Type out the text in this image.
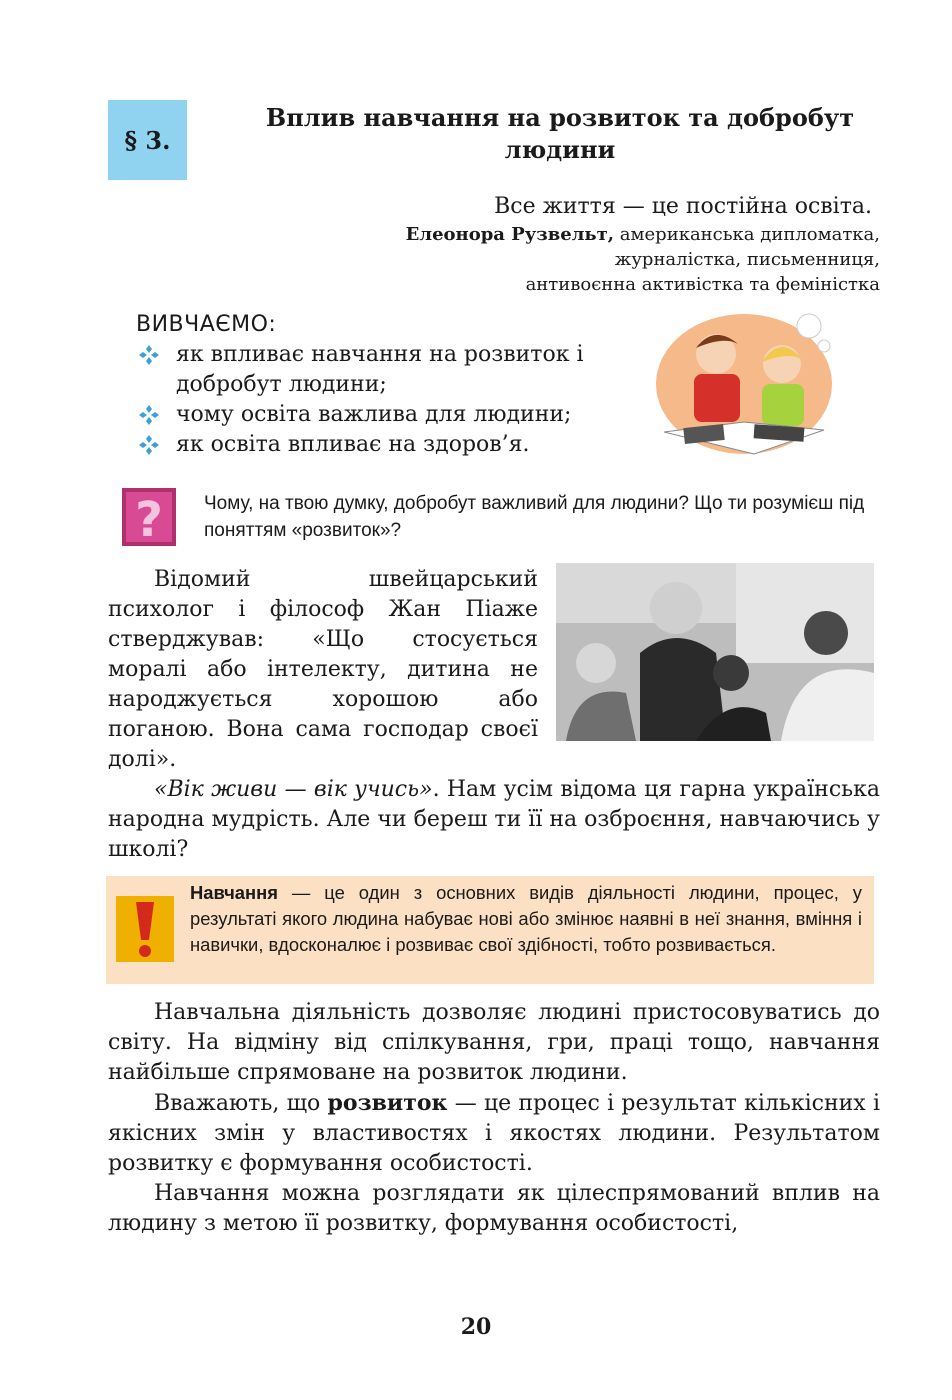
§ 3.
Вплив навчання на розвиток та добробут
людини
Все життя — це постійна освіта.
Елеонора Рузвельт, американська дипломатка,
журналістка, письменниця,
антивоєнна активістка та феміністка
ВИВЧАЄМО:
як впливає навчання на розвиток і добробут людини;
чому освіта важлива для людини;
як освіта впливає на здоров’я.
? Чому, на твою думку, добробут важливий для людини? Що ти розумієш під поняттям «розвиток»?

Відомий швейцарський психолог і філософ Жан Піаже стверджував: «Що стосується моралі або інтелекту, дитина не народжується хорошою або поганою. Вона сама господар своєї долі».

«Вік живи — вік учись». Нам усім відома ця гарна українська народна мудрість. Але чи береш ти її на озброєння, навчаючись у школі?

Навчання — це один з основних видів діяльності людини, процес, у результаті якого людина набуває нові або змінює наявні в неї знання, вміння і навички, вдосконалює і розвиває свої здібності, тобто розвивається.

Навчальна діяльність дозволяє людині пристосовуватись до світу. На відміну від спілкування, гри, праці тощо, навчання найбільше спрямоване на розвиток людини.

Вважають, що розвиток — це процес і результат кількісних і якісних змін у властивостях і якостях людини. Результатом розвитку є формування особистості.

Навчання можна розглядати як цілеспрямований вплив на людину з метою її розвитку, формування особистості,

20
